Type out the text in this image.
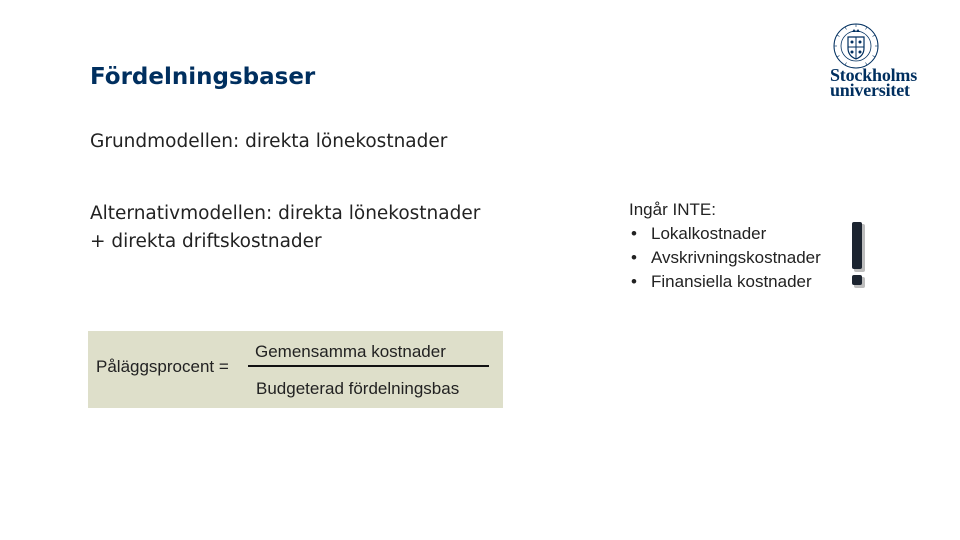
Fördelningsbaser
Grundmodellen: direkta lönekostnader
Alternativmodellen: direkta lönekostnader
+ direkta driftskostnader
Påläggsprocent =
Gemensamma kostnader
Budgeterad fördelningsbas
Ingår INTE:
• Lokalkostnader
• Avskrivningskostnader
• Finansiella kostnader
Stockholms
universitet
